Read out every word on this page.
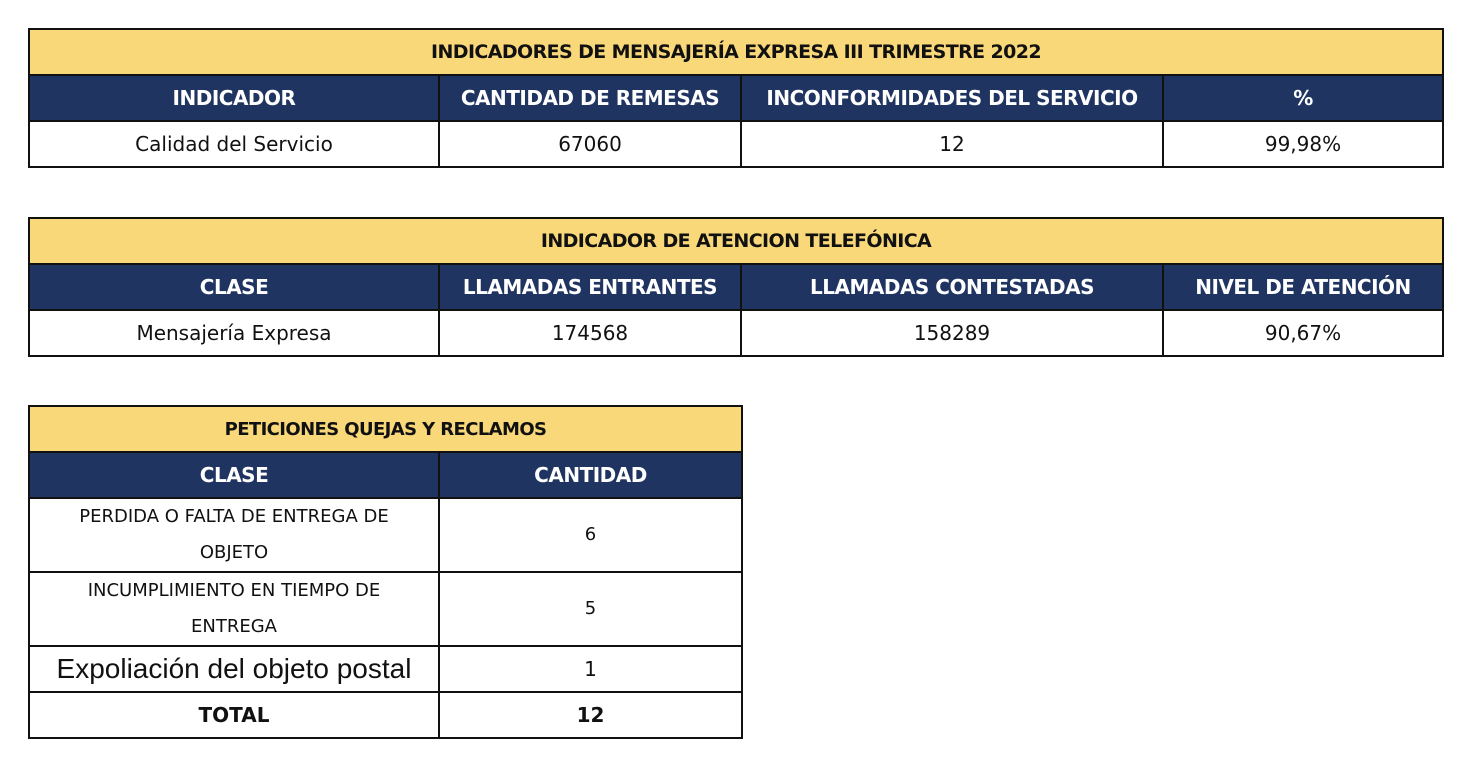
INDICADORES DE MENSAJERÍA EXPRESA III TRIMESTRE 2022			
INDICADOR	CANTIDAD DE REMESAS	INCONFORMIDADES DEL SERVICIO	%
Calidad del Servicio	67060	12	99,98%
INDICADOR DE ATENCION TELEFÓNICA			
CLASE	LLAMADAS ENTRANTES	LLAMADAS CONTESTADAS	NIVEL DE ATENCIÓN
Mensajería Expresa	174568	158289	90,67%
PETICIONES QUEJAS Y RECLAMOS	
CLASE	CANTIDAD
PERDIDA O FALTA DE ENTREGA DE OBJETO	6
INCUMPLIMIENTO EN TIEMPO DE ENTREGA	5
Expoliación del objeto postal	1
TOTAL	12
